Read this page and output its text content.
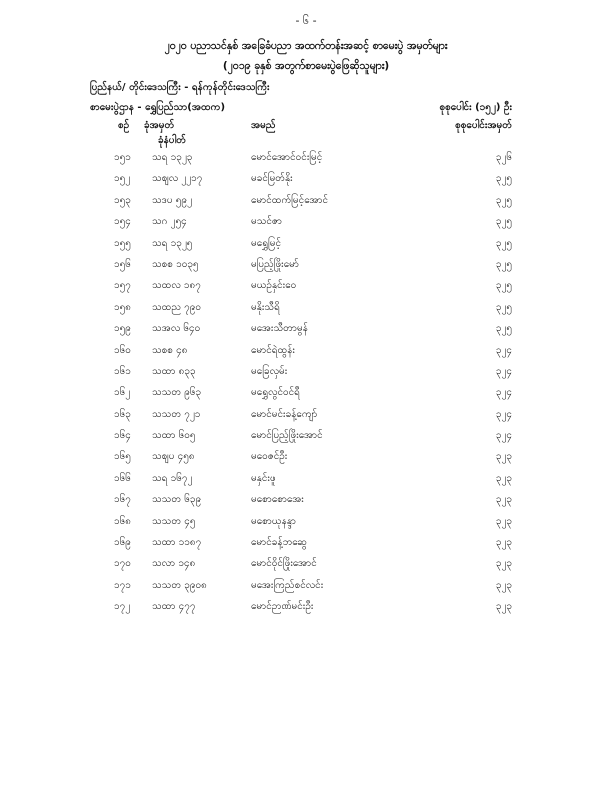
- ၆ -
၂၀၂၀ ပညာသင်နှစ် အခြေခံပညာ အထက်တန်းအဆင့် စာမေးပွဲ အမှတ်များ
(၂၀၁၉ ခုနှစ် အတွက်စာမေးပွဲဖြေဆိုသူများ)
ပြည်နယ်/ တိုင်းဒေသကြီး - ရန်ကုန်တိုင်းဒေသကြီး
စာမေးပွဲဌာန - ရွှေပြည်သာ(အထက)	စုစုပေါင်း (၁၅၂) ဦး
စဉ် ခုံအမှတ်	အမည်	စုစုပေါင်းအမှတ်
ခုံနံပါတ်
၁၅၁ သရ ၁၃၂၃	မောင်အောင်ဝင်းမြင့်	၃၂၆
၁၅၂ သဈလ ၂၂၁၇	မခင်မြတ်နိုး	၃၂၅
၁၅၃ သဒပ ၅၉၂	မောင်ထက်မြင့်အောင်	၃၂၅
၁၅၄ သဂ ၂၅၄	မသင်ဇာ	၃၂၅
၁၅၅ သရ ၁၃၂၅	မရွှေမြင့်	၃၂၅
၁၅၆ သစစ ၁၀၃၅	မပြည့်ဖြိုးမော်	၃၂၅
၁၅၇ သထလ ၁၈၇	မယဉ်နှင်းဝေ	၃၂၅
၁၅၈ သထည ၇၉၀	မနိုးသီရိ	၃၂၅
၁၅၉ သအလ ၆၄၀	မအေးသီတာမွန်	၃၂၅
၁၆၀ သစစ ၄၈	မောင်ရဲထွန်း	၃၂၄
၁၆၁ သထာ ၈၃၃	မခြေလှမ်း	၃၂၄
၁၆၂ သသတ ၉၆၃	မရွှေလွင်ဝင်ရီ	၃၂၄
၁၆၃ သသတ ၇၂၁	မောင်မင်းခန့်ကျော်	၃၂၄
၁၆၄ သထာ ၆၀၅	မောင်ပြည့်ဖြိုးအောင်	၃၂၄
၁၆၅ သဈပ ၄၅၈	မဝေဇင်ဦး	၃၂၃
၁၆၆ သရ ၁၆၇၂	မနှင်းဖူ	၃၂၃
၁၆၇ သသတ ၆၃၉	မစောစောအေး	၃၂၃
၁၆၈ သသတ ၄၅	မစောယုနန္ဒာ	၃၂၃
၁၆၉ သထာ ၁၁၈၇	မောင်ခန့်ဘဆွေ	၃၂၃
၁၇၀ သလာ ၁၄၈	မောင်ဝိုင်ဖြိုးအောင်	၃၂၃
၁၇၁ သသတ ၃၉၀၈	မအေးကြည်စင်လင်း	၃၂၃
၁၇၂ သထာ ၄၇၇	မောင်ဉာဏ်မင်းဦး	၃၂၃
